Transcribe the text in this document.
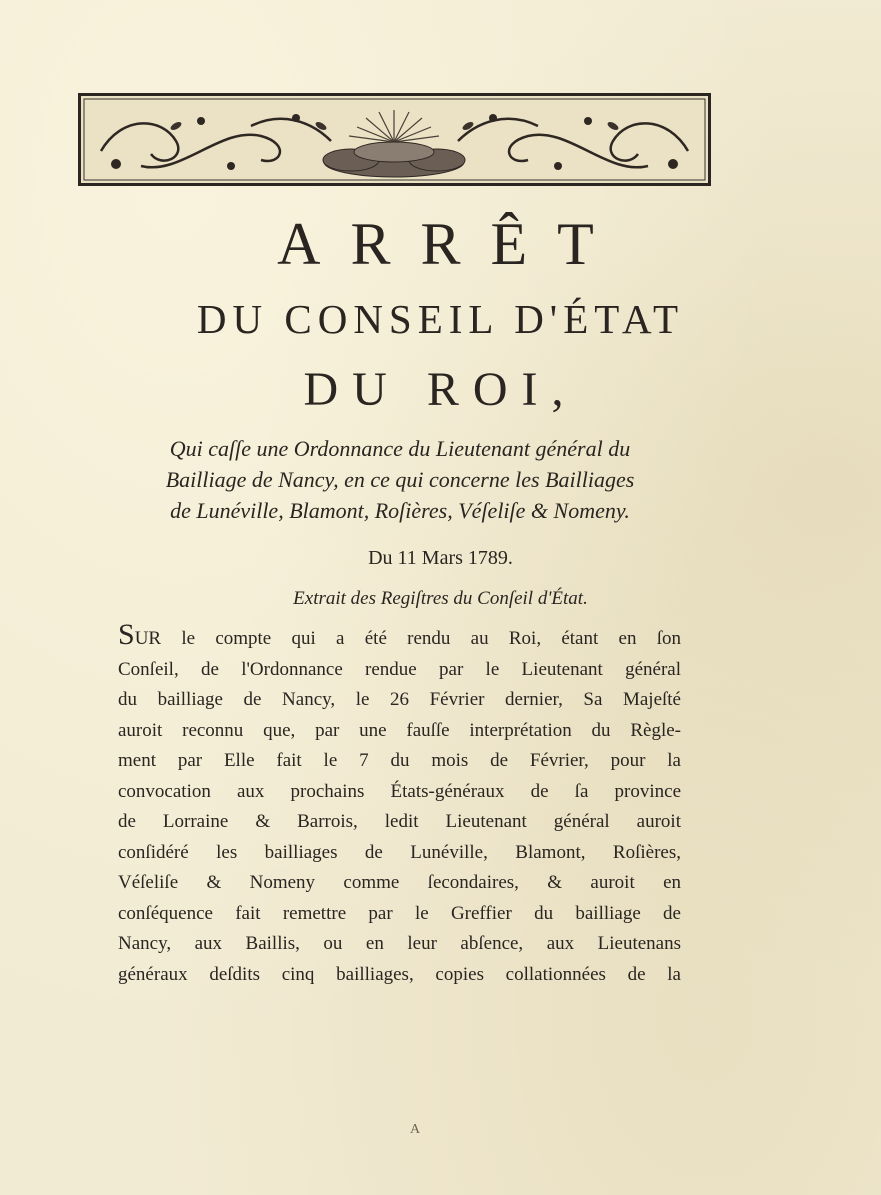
ARRÊT
DU CONSEIL D'ÉTAT
DU ROI,
Qui caſſe une Ordonnance du Lieutenant général du
Bailliage de Nancy, en ce qui concerne les Bailliages
de Lunéville, Blamont, Roſières, Véſeliſe & Nomeny.
Du 11 Mars 1789.
Extrait des Regiſtres du Conſeil d'État.
SUR le compte qui a été rendu au Roi, étant en ſon
Conſeil, de l'Ordonnance rendue par le Lieutenant général
du bailliage de Nancy, le 26 Février dernier, Sa Majeſté
auroit reconnu que, par une fauſſe interprétation du Règle-
ment par Elle fait le 7 du mois de Février, pour la
convocation aux prochains États-généraux de ſa province
de Lorraine & Barrois, ledit Lieutenant général auroit
conſidéré les bailliages de Lunéville, Blamont, Roſières,
Véſeliſe & Nomeny comme ſecondaires, & auroit en
conſéquence fait remettre par le Greffier du bailliage de
Nancy, aux Baillis, ou en leur abſence, aux Lieutenans
généraux deſdits cinq bailliages, copies collationnées de la
A
